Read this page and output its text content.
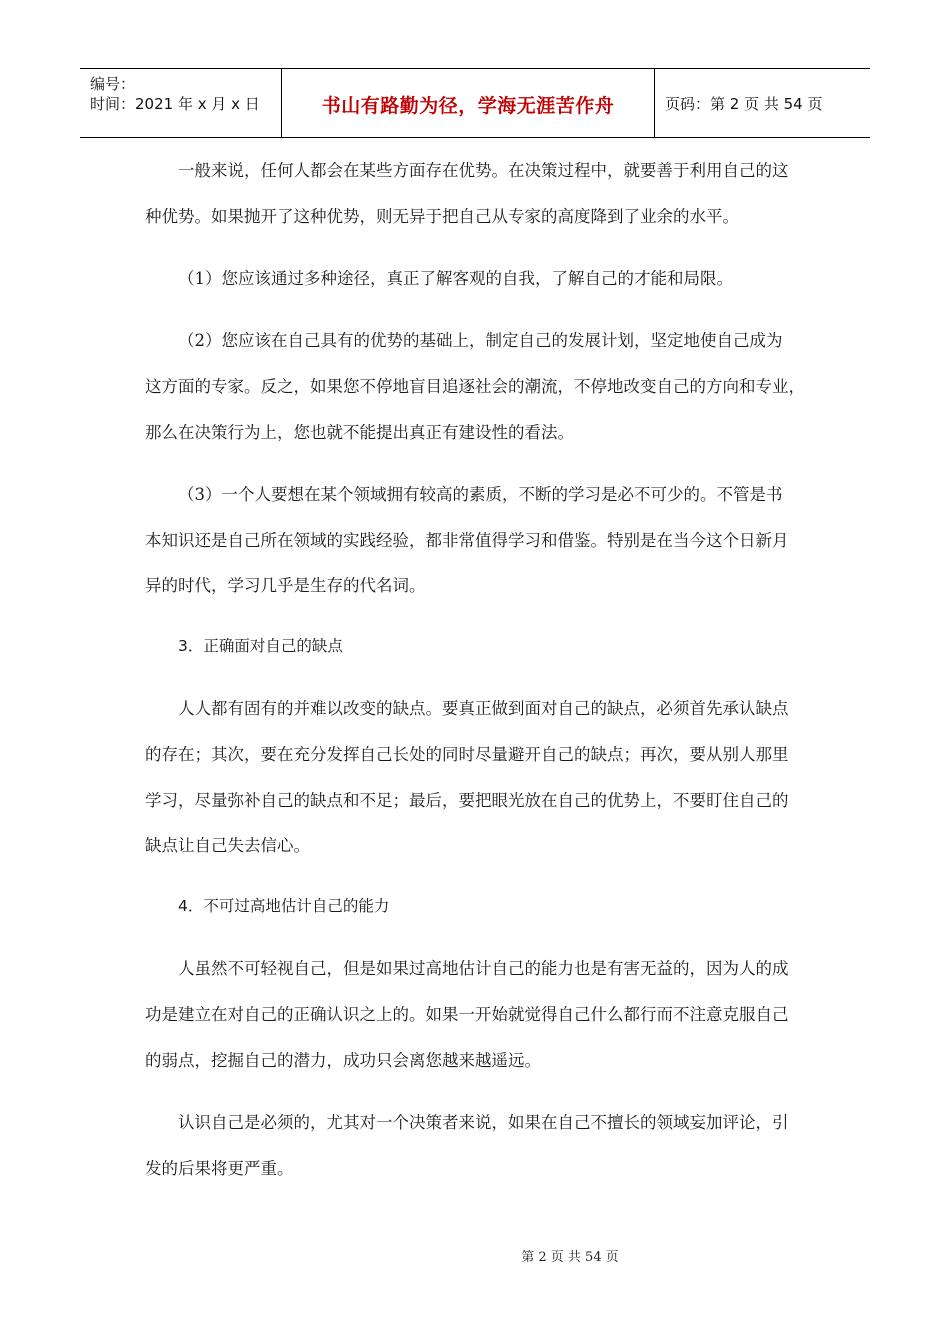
编号：
时间：2021 年 x 月 x 日	书山有路勤为径，学海无涯苦作舟	页码：第 2 页 共 54 页
一般来说，任何人都会在某些方面存在优势。在决策过程中，就要善于利用自己的这
种优势。如果抛开了这种优势，则无异于把自己从专家的高度降到了业余的水平。
（1）您应该通过多种途径，真正了解客观的自我，了解自己的才能和局限。
（2）您应该在自己具有的优势的基础上，制定自己的发展计划，坚定地使自己成为
这方面的专家。反之，如果您不停地盲目追逐社会的潮流，不停地改变自己的方向和专业，
那么在决策行为上，您也就不能提出真正有建设性的看法。
（3）一个人要想在某个领域拥有较高的素质，不断的学习是必不可少的。不管是书
本知识还是自己所在领域的实践经验，都非常值得学习和借鉴。特别是在当今这个日新月
异的时代，学习几乎是生存的代名词。
3．正确面对自己的缺点
人人都有固有的并难以改变的缺点。要真正做到面对自己的缺点，必须首先承认缺点
的存在；其次，要在充分发挥自己长处的同时尽量避开自己的缺点；再次，要从别人那里
学习，尽量弥补自己的缺点和不足；最后，要把眼光放在自己的优势上，不要盯住自己的
缺点让自己失去信心。
4．不可过高地估计自己的能力
人虽然不可轻视自己，但是如果过高地估计自己的能力也是有害无益的，因为人的成
功是建立在对自己的正确认识之上的。如果一开始就觉得自己什么都行而不注意克服自己
的弱点，挖掘自己的潜力，成功只会离您越来越遥远。
认识自己是必须的，尤其对一个决策者来说，如果在自己不擅长的领域妄加评论，引
发的后果将更严重。
第 2 页 共 54 页
